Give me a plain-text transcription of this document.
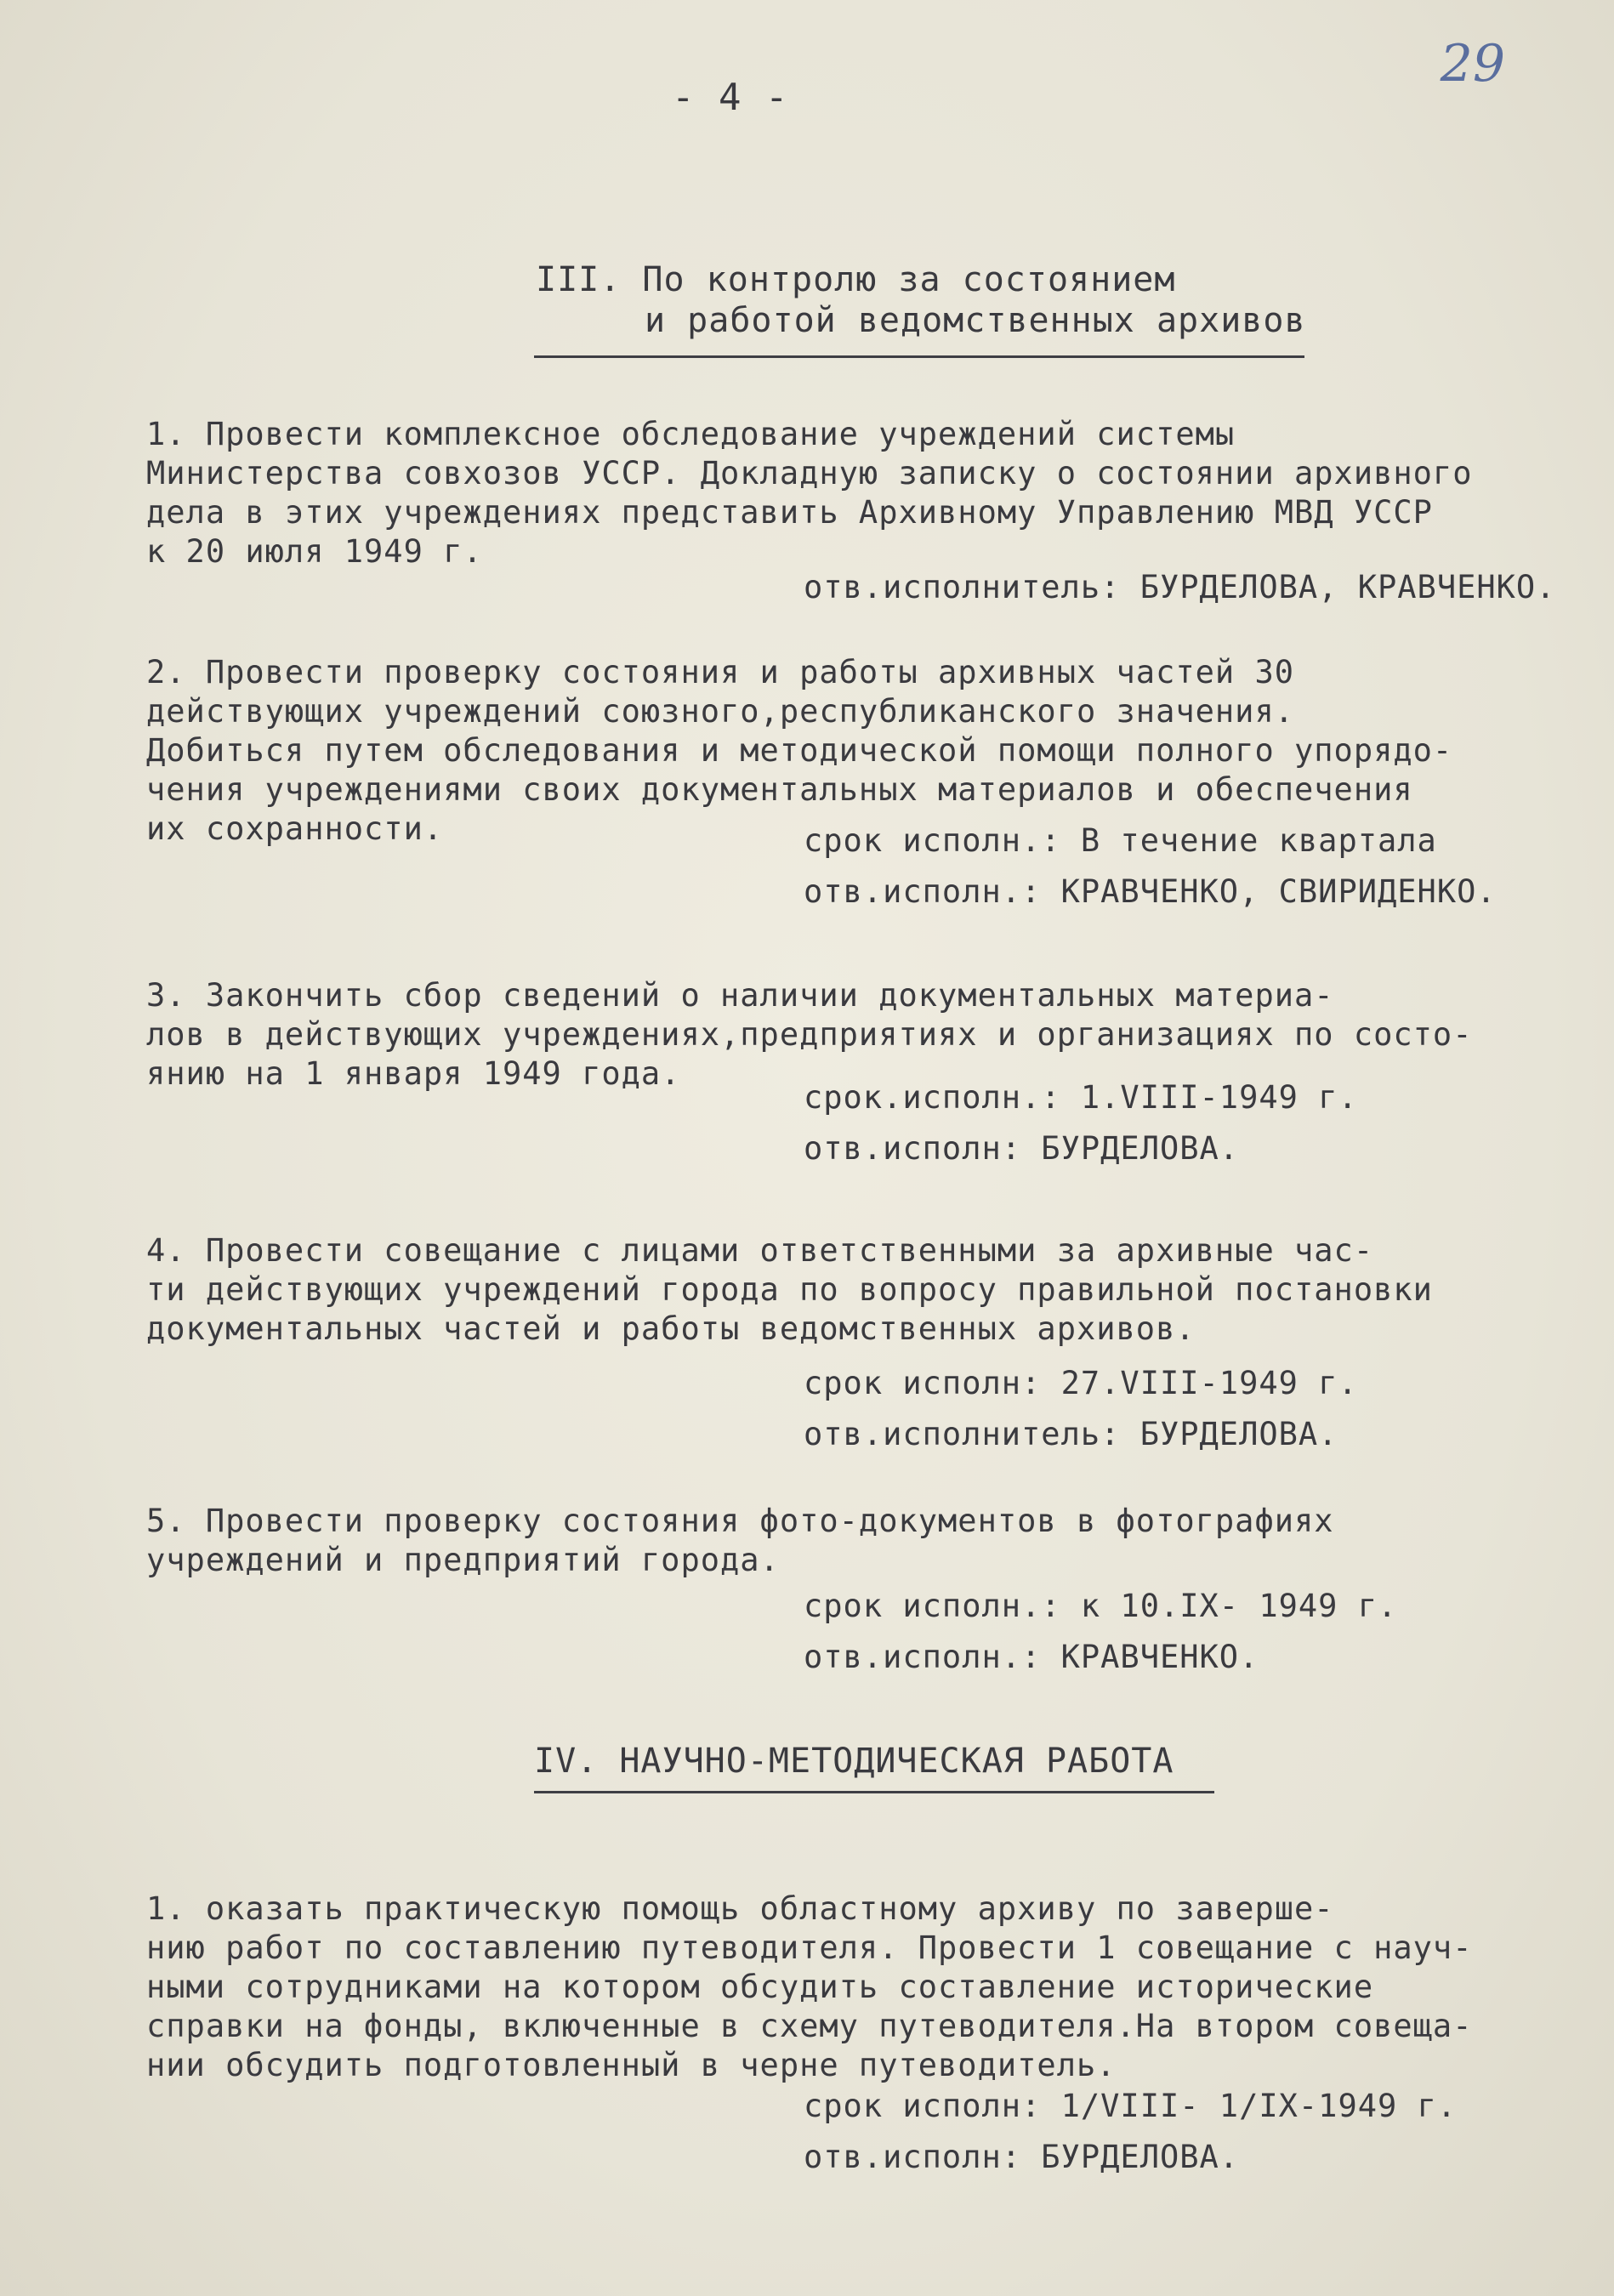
- 4 -
29
III. По контролю за состоянием
и работой ведомственных архивов
1. Провести комплексное обследование учреждений системы
Министерства совхозов УССР. Докладную записку о состоянии архивного
дела в этих учреждениях представить Архивному Управлению МВД УССР
к 20 июля 1949 г.
отв.исполнитель: БУРДЕЛОВА, КРАВЧЕНКО.
2. Провести проверку состояния и работы архивных частей 30
действующих учреждений союзного,республиканского значения.
Добиться путем обследования и методической помощи полного упорядо-
чения учреждениями своих документальных материалов и обеспечения
их сохранности.	срок исполн.: В течение квартала
отв.исполн.: КРАВЧЕНКО, СВИРИДЕНКО.
3. Закончить сбор сведений о наличии документальных материа-
лов в действующих учреждениях,предприятиях и организациях по состо-
янию на 1 января 1949 года.
срок.исполн.: 1.VIII-1949 г.
отв.исполн: БУРДЕЛОВА.
4. Провести совещание с лицами ответственными за архивные час-
ти действующих учреждений города по вопросу правильной постановки
документальных частей и работы ведомственных архивов.
срок исполн: 27.VIII-1949 г.
отв.исполнитель: БУРДЕЛОВА.
5. Провести проверку состояния фото-документов в фотографиях
учреждений и предприятий города.
срок исполн.: к 10.IX- 1949 г.
отв.исполн.: КРАВЧЕНКО.
IV. НАУЧНО-МЕТОДИЧЕСКАЯ РАБОТА
1. оказать практическую помощь областному архиву по заверше-
нию работ по составлению путеводителя. Провести 1 совещание с науч-
ными сотрудниками на котором обсудить составление исторические
справки на фонды, включенные в схему путеводителя.На втором совеща-
нии обсудить подготовленный в черне путеводитель.
срок исполн: 1/VIII- 1/IX-1949 г.
отв.исполн: БУРДЕЛОВА.
